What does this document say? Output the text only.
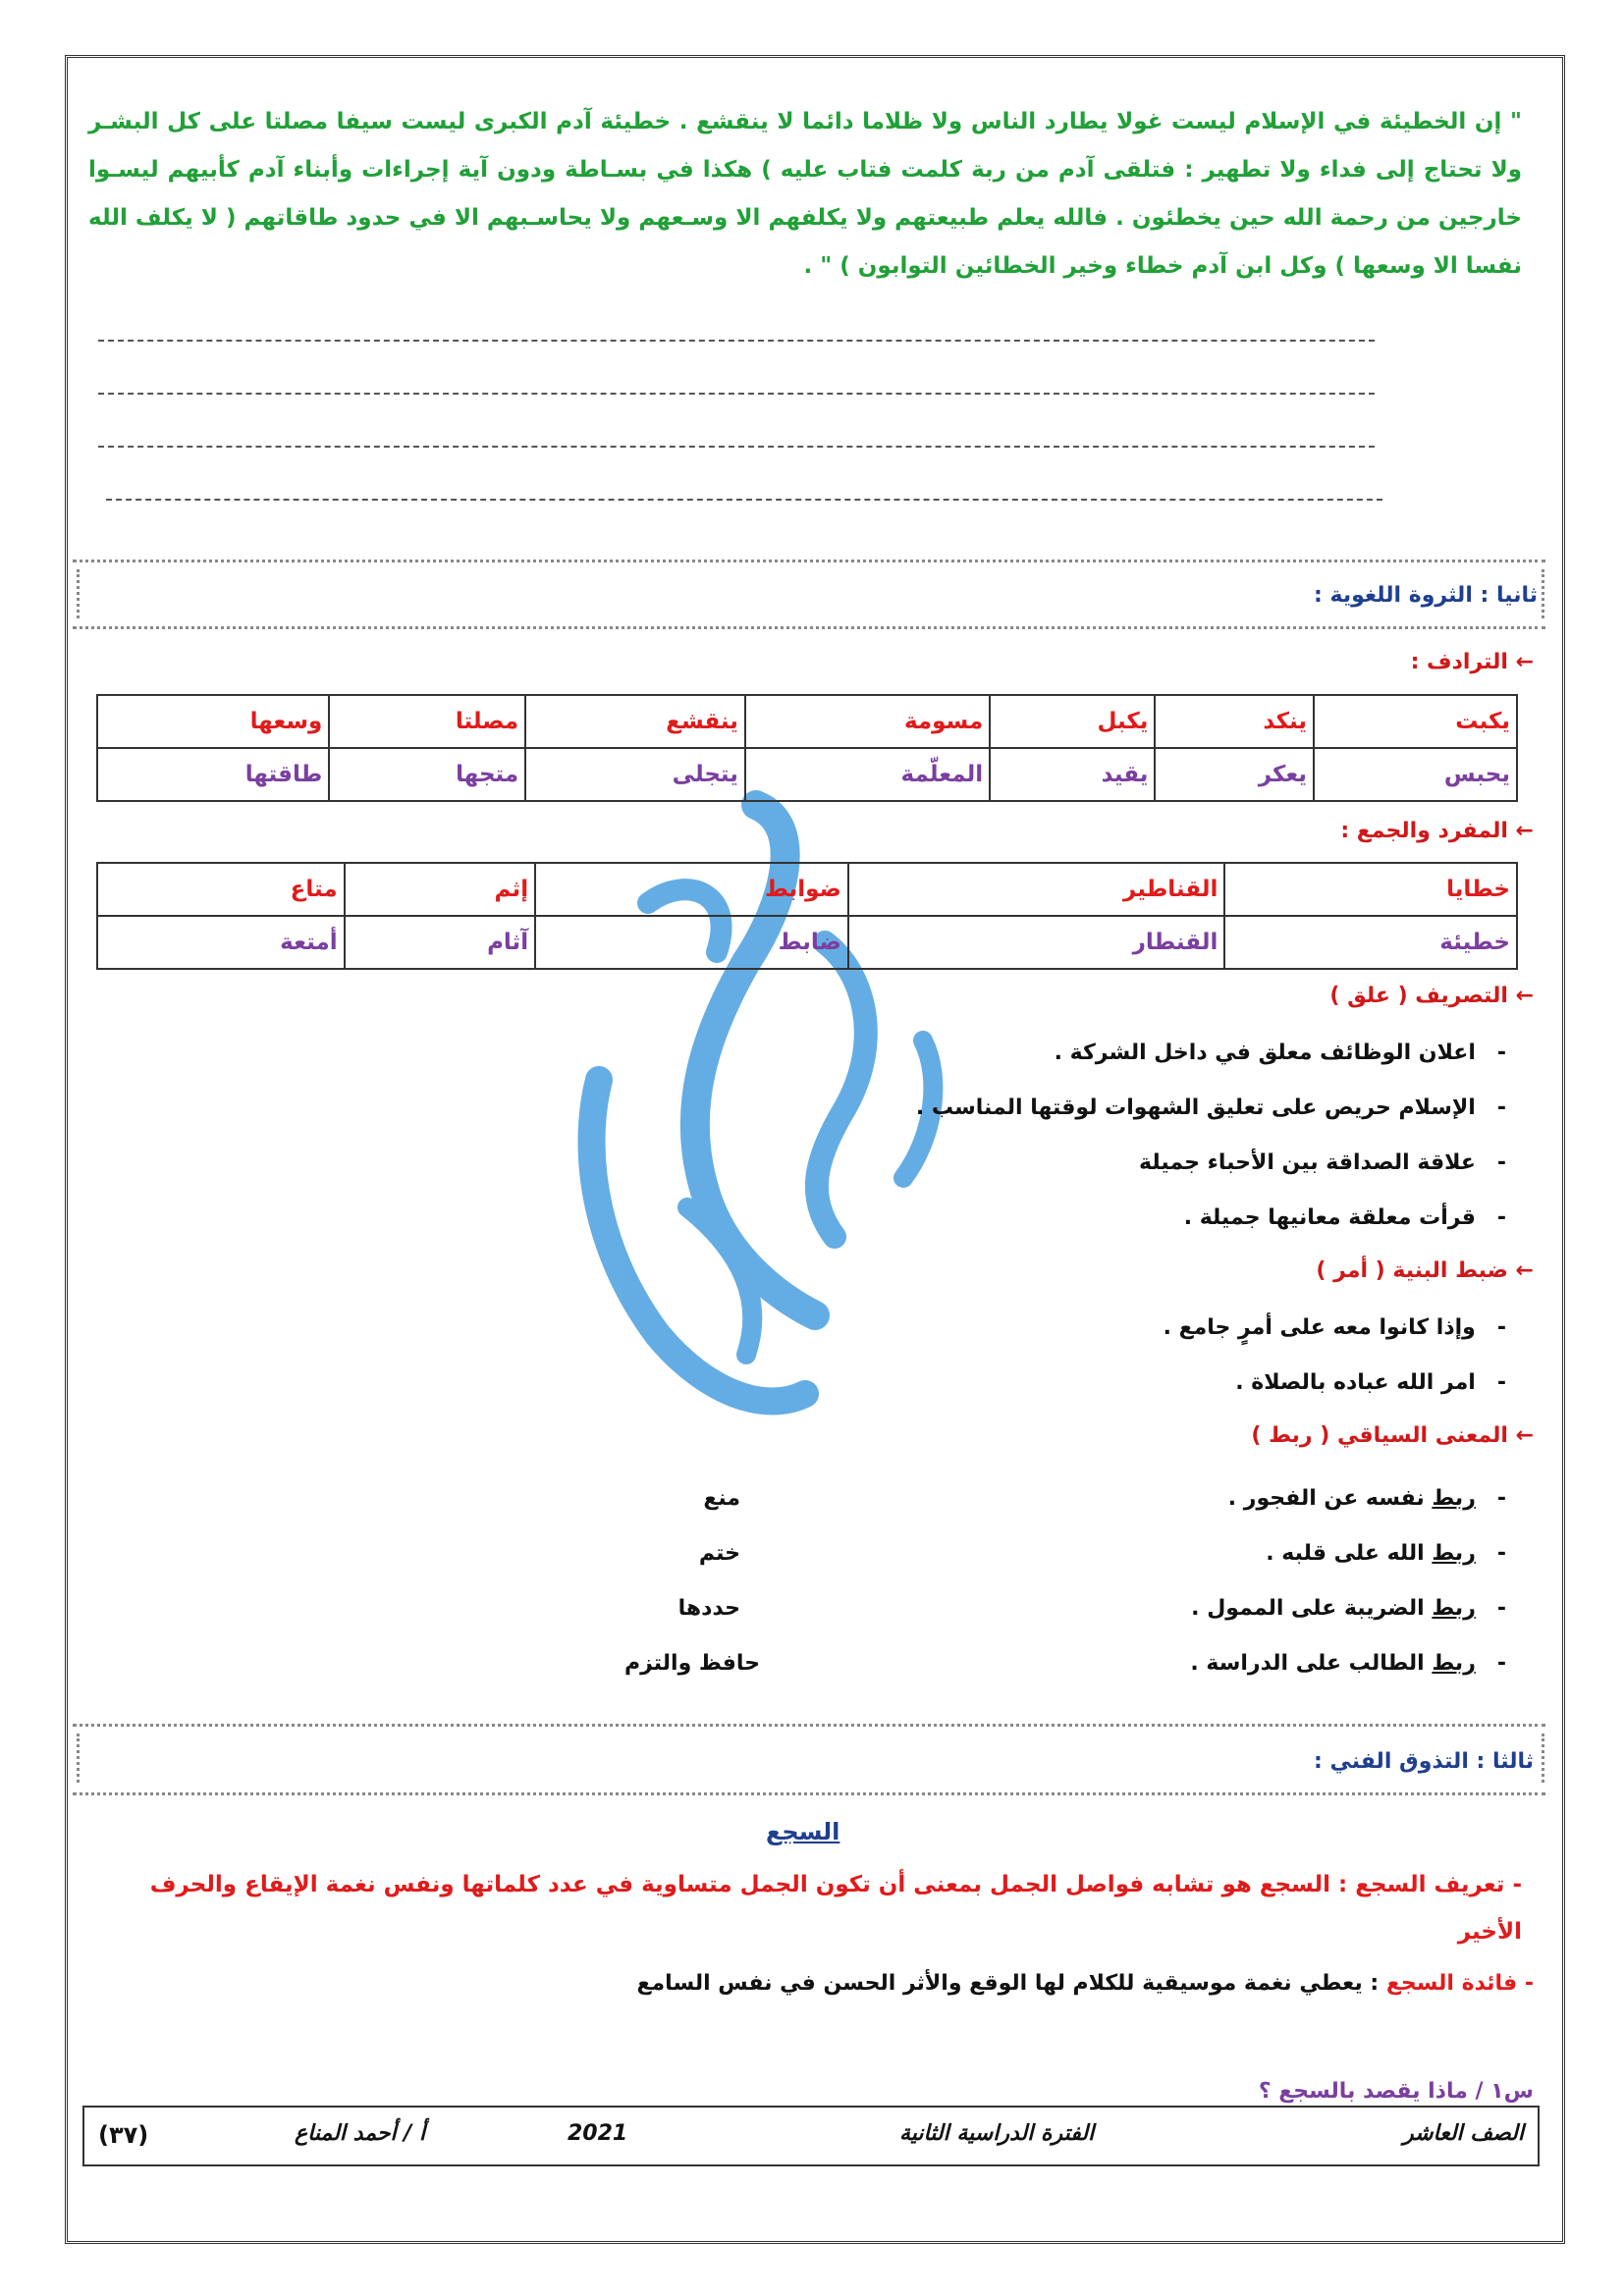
" إن الخطيئة في الإسلام ليست غولا يطارد الناس ولا ظلاما دائما لا ينقشع . خطيئة آدم الكبرى ليست سيفا مصلتا على كل البشـر ولا تحتاج إلى فداء ولا تطهير : فتلقى آدم من ربة كلمت فتاب عليه ) هكذا في بسـاطة ودون آية إجراءات وأبناء آدم كأبيهم ليسـوا خارجين من رحمة الله حين يخطئون . فالله يعلم طبيعتهم ولا يكلفهم الا وسـعهم ولا يحاسـبهم الا في حدود طاقاتهم ( لا يكلف الله نفسا الا وسعها ) وكل ابن آدم خطاء وخير الخطائين التوابون ) " .
ثانيا : الثروة اللغوية :
← الترادف :
يكبت	ينكد	يكبل	مسومة	ينقشع	مصلتا	وسعها
يحبس	يعكر	يقيد	المعلّمة	يتجلى	متجها	طاقتها
← المفرد والجمع :
خطايا	القناطير	ضوابط	إثم	متاع
خطيئة	القنطار	ضابط	آثام	أمتعة
← التصريف ( علق )
-اعلان الوظائف معلق في داخل الشركة .
-الإسلام حريص على تعليق الشهوات لوقتها المناسب .
-علاقة الصداقة بين الأحباء جميلة
-قرأت معلقة معانيها جميلة .
← ضبط البنية ( أمر )
-وإذا كانوا معه على أمرٍ جامع .
-امر الله عباده بالصلاة .
← المعنى السياقي ( ربط )
-ربط نفسه عن الفجور .
منع
-ربط الله على قلبه .
ختم
-ربط الضريبة على الممول .
حددها
-ربط الطالب على الدراسة .
حافظ والتزم
ثالثا : التذوق الفني :
السجع
- تعريف السجع : السجع هو تشابه فواصل الجمل بمعنى أن تكون الجمل متساوية في عدد كلماتها ونفس نغمة الإيقاع والحرف الأخير
- فائدة السجع : يعطي نغمة موسيقية للكلام لها الوقع والأثر الحسن في نفس السامع
س١ / ماذا يقصد بالسجع ؟
الصف العاشر
الفترة الدراسية الثانية
2021
أ / أحمد المناع
(٣٧)
